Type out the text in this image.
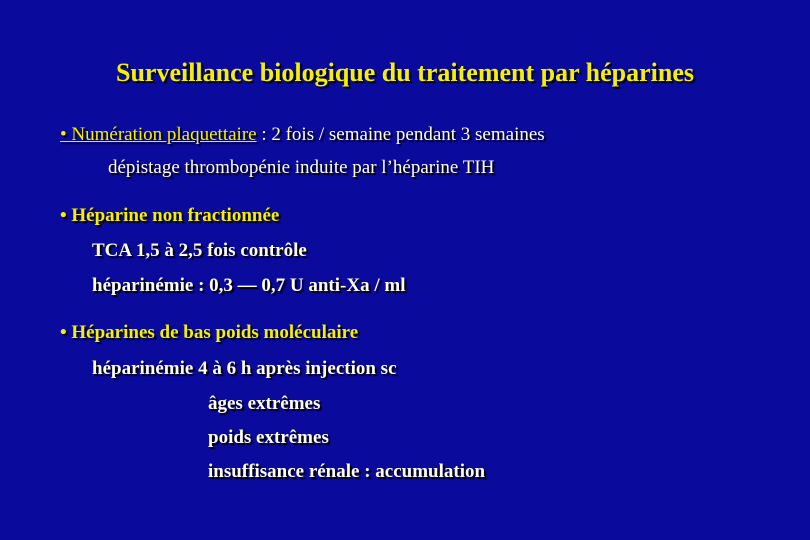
Surveillance biologique du traitement par héparines
• Numération plaquettaire : 2 fois / semaine pendant 3 semaines
dépistage thrombopénie induite par l’héparine TIH
• Héparine non fractionnée
TCA 1,5 à 2,5 fois contrôle
héparinémie : 0,3 — 0,7 U anti-Xa / ml
• Héparines de bas poids moléculaire
héparinémie 4 à 6 h après injection sc
âges extrêmes
poids extrêmes
insuffisance rénale : accumulation
